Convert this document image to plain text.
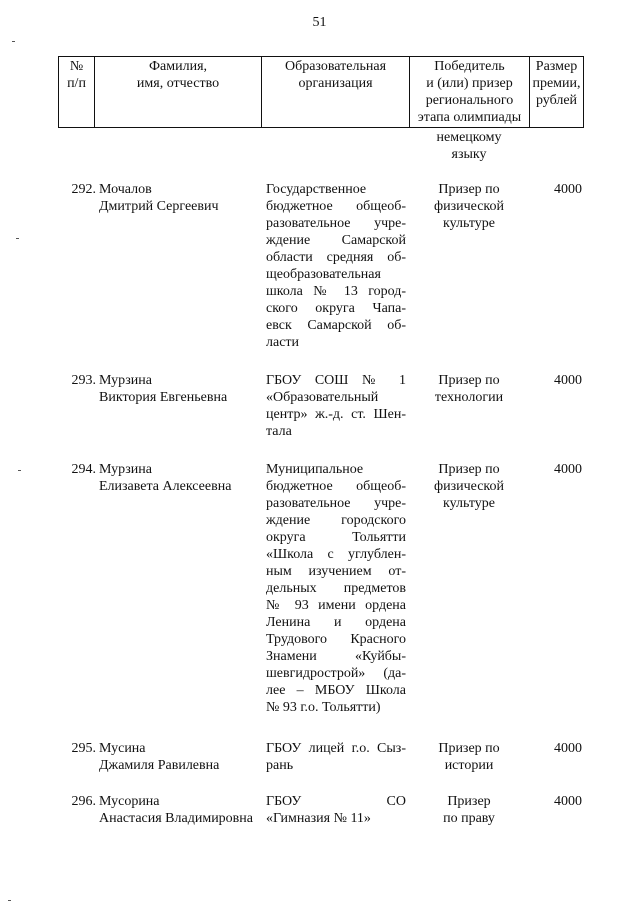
51
№
п/п
Фамилия,
имя, отчество
Образовательная
организация
Победитель
и (или) призер
регионального
этапа олимпиады
Размер
премии,
рублей
немецкому
языку
292. Мочалов
Дмитрий Сергеевич
Государственное
бюджетное общеоб-
разовательное учре-
ждение Самарской
области средняя об-
щеобразовательная
школа № 13 город-
ского округа Чапа-
евск Самарской об-
ласти
Призер по
физической
культуре
4000
293. Мурзина
Виктория Евгеньевна
ГБОУ СОШ № 1
«Образовательный
центр» ж.-д. ст. Шен-
тала
Призер по
технологии
4000
294. Мурзина
Елизавета Алексеевна
Муниципальное
бюджетное общеоб-
разовательное учре-
ждение городского
округа Тольятти
«Школа с углублен-
ным изучением от-
дельных предметов
№ 93 имени ордена
Ленина и ордена
Трудового Красного
Знамени «Куйбы-
шевгидрострой» (да-
лее – МБОУ Школа
№ 93 г.о. Тольятти)
Призер по
физической
культуре
4000
295. Мусина
Джамиля Равилевна
ГБОУ лицей г.о. Сыз-
рань
Призер по
истории
4000
296. Мусорина
Анастасия Владимировна
ГБОУ СО
«Гимназия № 11»
Призер
по праву
4000
